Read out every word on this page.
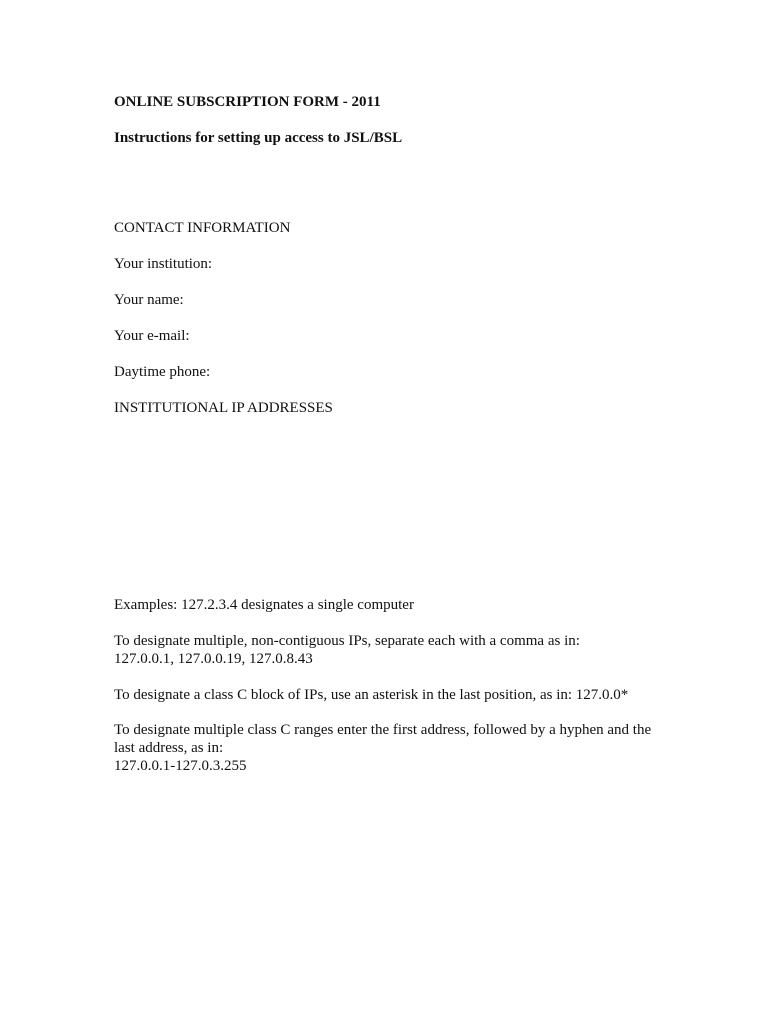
ONLINE SUBSCRIPTION FORM - 2011
Instructions for setting up access to JSL/BSL
CONTACT INFORMATION
Your institution:
Your name:
Your e-mail:
Daytime phone:
INSTITUTIONAL IP ADDRESSES
Examples: 127.2.3.4 designates a single computer
To designate multiple, non-contiguous IPs, separate each with a comma as in:
127.0.0.1, 127.0.0.19, 127.0.8.43
To designate a class C block of IPs, use an asterisk in the last position, as in: 127.0.0*
To designate multiple class C ranges enter the first address, followed by a hyphen and the
last address, as in:
127.0.0.1-127.0.3.255
